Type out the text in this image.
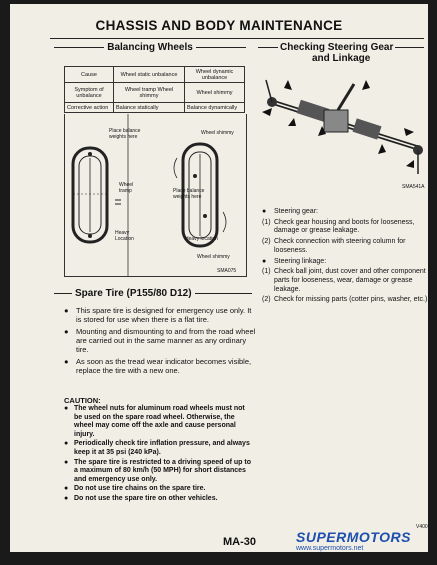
CHASSIS AND BODY MAINTENANCE
Balancing Wheels
Cause	Wheel static unbalance	Wheel dynamic unbalance
Symptom of unbalance	Wheel tramp Wheel shimmy	Wheel shimmy
Corrective action	Balance statically	Balance dynamically
Place balance weights here
Wheel tramp
Heavy Location
Wheel shimmy
Place balance weights here
Heavy location
Wheel shimmy
SMA075
Spare Tire (P155/80 D12)

● This spare tire is designed for emergency use only. It is stored for use when there is a flat tire.

● Mounting and dismounting to and from the road wheel are carried out in the same manner as any ordinary tire.

● As soon as the tread wear indicator becomes visible, replace the tire with a new one.

CAUTION:

● The wheel nuts for aluminum road wheels must not be used on the spare road wheel. Otherwise, the wheel may come off the axle and cause personal injury.

● Periodically check tire inflation pressure, and always keep it at 35 psi (240 kPa).

● The spare tire is restricted to a driving speed of up to a maximum of 80 km/h (50 MPH) for short distances and emergency use only.

● Do not use tire chains on the spare tire.

● Do not use the spare tire on other vehicles.

Checking Steering Gear
and Linkage
SMA541A

● Steering gear:

(1) Check gear housing and boots for looseness, damage or grease leakage.

(2) Check connection with steering column for looseness.

● Steering linkage:

(1) Check ball joint, dust cover and other component parts for looseness, wear, damage or grease leakage.

(2) Check for missing parts (cotter pins, washer, etc.).

V400
MA-30	SUPERMOTORS
www.supermotors.net
